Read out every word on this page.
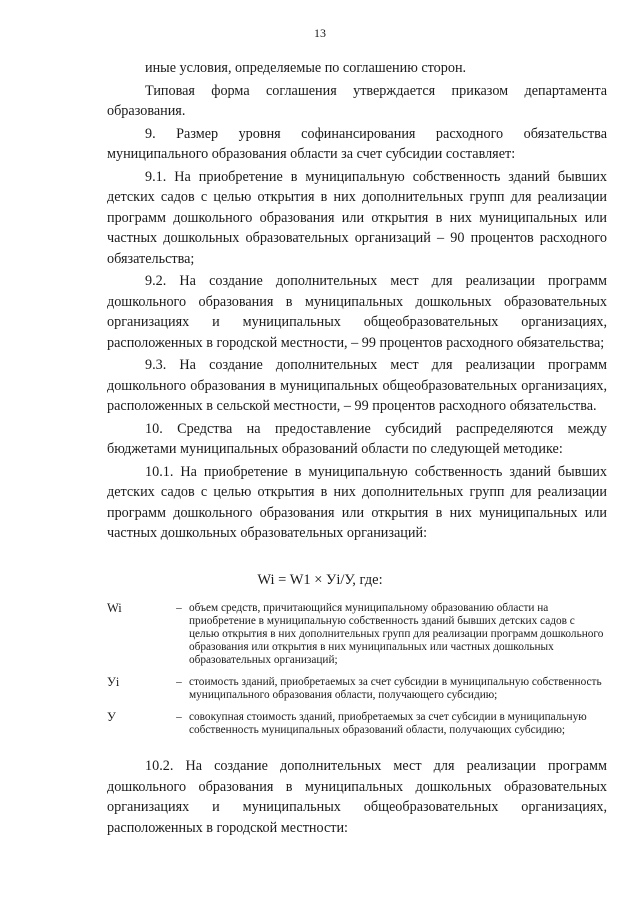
13

иные условия, определяемые по соглашению сторон.

Типовая форма соглашения утверждается приказом департамента образования.

9. Размер уровня софинансирования расходного обязательства муниципального образования области за счет субсидии составляет:

9.1. На приобретение в муниципальную собственность зданий бывших детских садов с целью открытия в них дополнительных групп для реализации программ дошкольного образования или открытия в них муниципальных или частных дошкольных образовательных организаций – 90 процентов расходного обязательства;

9.2. На создание дополнительных мест для реализации программ дошкольного образования в муниципальных дошкольных образовательных организациях и муниципальных общеобразовательных организациях, расположенных в городской местности, – 99 процентов расходного обязательства;

9.3. На создание дополнительных мест для реализации программ дошкольного образования в муниципальных общеобразовательных организациях, расположенных в сельской местности, – 99 процентов расходного обязательства.

10. Средства на предоставление субсидий распределяются между бюджетами муниципальных образований области по следующей методике:

10.1. На приобретение в муниципальную собственность зданий бывших детских садов с целью открытия в них дополнительных групп для реализации программ дошкольного образования или открытия в них муниципальных или частных дошкольных образовательных организаций:

Wi = W1 × Уi/У, где:
Wi	– объем средств, причитающийся муниципальному образованию области на приобретение в муниципальную собственность зданий бывших детских садов с целью открытия в них дополнительных групп для реализации программ дошкольного образования или открытия в них муниципальных или частных дошкольных образовательных организаций;
Уi	– стоимость зданий, приобретаемых за счет субсидии в муниципальную собственность муниципального образования области, получающего субсидию;
У	– совокупная стоимость зданий, приобретаемых за счет субсидии в муниципальную собственность муниципальных образований области, получающих субсидию;

10.2. На создание дополнительных мест для реализации программ дошкольного образования в муниципальных дошкольных образовательных организациях и муниципальных общеобразовательных организациях, расположенных в городской местности:
